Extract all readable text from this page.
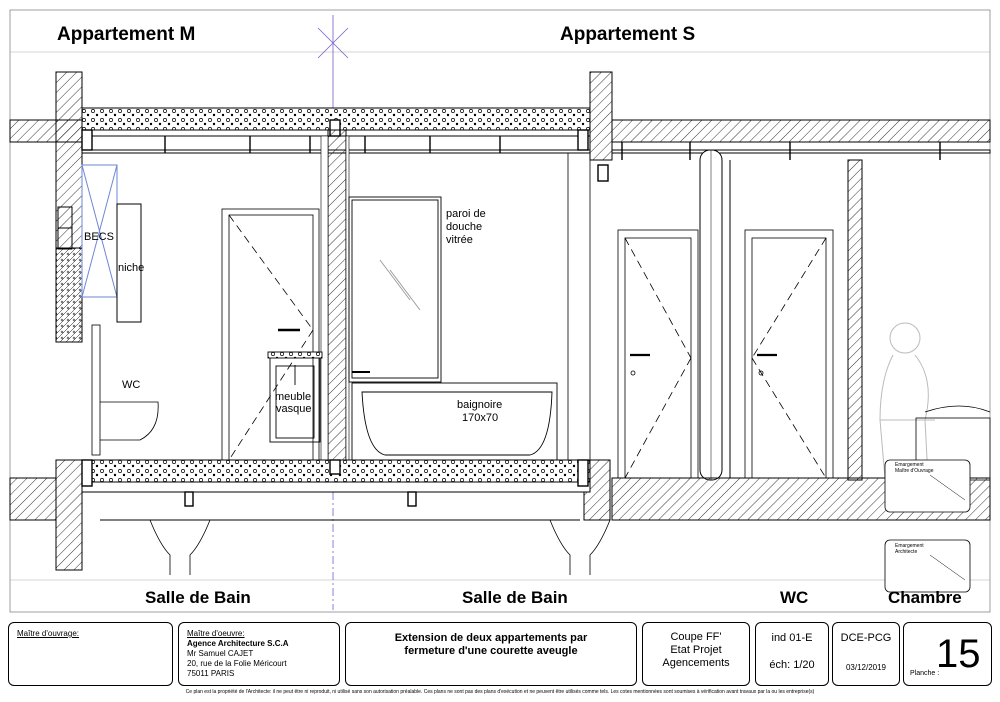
Appartement M	Appartement S
BECS
niche
WC
meuble
vasque
paroi de
douche
vitrée
baignoire
170x70
Emargement
Maître d'Ouvrage
Emargement
Architecte
Salle de Bain	Salle de Bain	WC	Chambre
Maître d'ouvrage:	Maître d'oeuvre:
Agence Architecture S.C.A
Mr Samuel CAJET
20, rue de la Folie Méricourt
75011 PARIS
Extension de deux appartements par
fermeture d'une courette aveugle
Coupe FF'
Etat Projet
Agencements
ind 01-E
éch: 1/20
DCE-PCG
03/12/2019
Planche :
15
Ce plan est la propriété de l'Architecte: il ne peut être ni reproduit, ni utilisé sans son autorisation préalable. Ces plans ne sont pas des plans d'exécution et ne peuvent être utilisés comme tels. Les cotes mentionnées sont soumises à vérification avant travaux par la ou les entreprise(s)
